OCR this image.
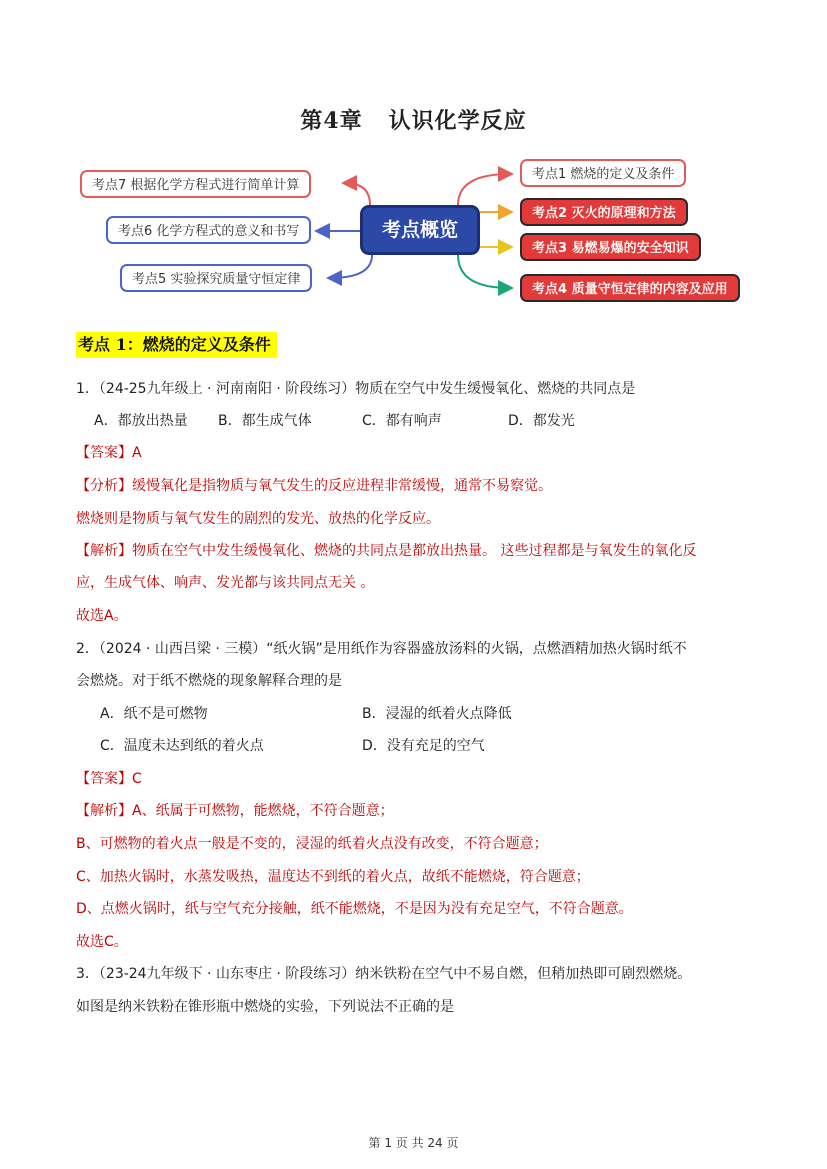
第4章 认识化学反应
考点7 根据化学方程式进行简单计算
考点6 化学方程式的意义和书写
考点5 实验探究质量守恒定律
考点概览
考点1 燃烧的定义及条件
考点2 灭火的原理和方法
考点3 易燃易爆的安全知识
考点4 质量守恒定律的内容及应用
考点 1：燃烧的定义及条件
1．（24-25九年级上 · 河南南阳 · 阶段练习）物质在空气中发生缓慢氧化、燃烧的共同点是
A．都放出热量 B．都生成气体	C．都有响声	D．都发光
【答案】A
【分析】缓慢氧化是指物质与氧气发生的反应进程非常缓慢，通常不易察觉。
燃烧则是物质与氧气发生的剧烈的发光、放热的化学反应。
【解析】物质在空气中发生缓慢氧化、燃烧的共同点是都放出热量。 这些过程都是与氧发生的氧化反
应，生成气体、响声、发光都与该共同点无关 。
故选A。
2．（2024 · 山西吕梁 · 三模）“纸火锅”是用纸作为容器盛放汤料的火锅，点燃酒精加热火锅时纸不
会燃烧。对于纸不燃烧的现象解释合理的是
A．纸不是可燃物	B．浸湿的纸着火点降低
C．温度未达到纸的着火点	D．没有充足的空气
【答案】C
【解析】A、纸属于可燃物，能燃烧，不符合题意；
B、可燃物的着火点一般是不变的，浸湿的纸着火点没有改变，不符合题意；
C、加热火锅时，水蒸发吸热，温度达不到纸的着火点，故纸不能燃烧，符合题意；
D、点燃火锅时，纸与空气充分接触，纸不能燃烧，不是因为没有充足空气，不符合题意。
故选C。
3．（23-24九年级下 · 山东枣庄 · 阶段练习）纳米铁粉在空气中不易自燃，但稍加热即可剧烈燃烧。
如图是纳米铁粉在锥形瓶中燃烧的实验，下列说法不正确的是
第 1 页 共 24 页
